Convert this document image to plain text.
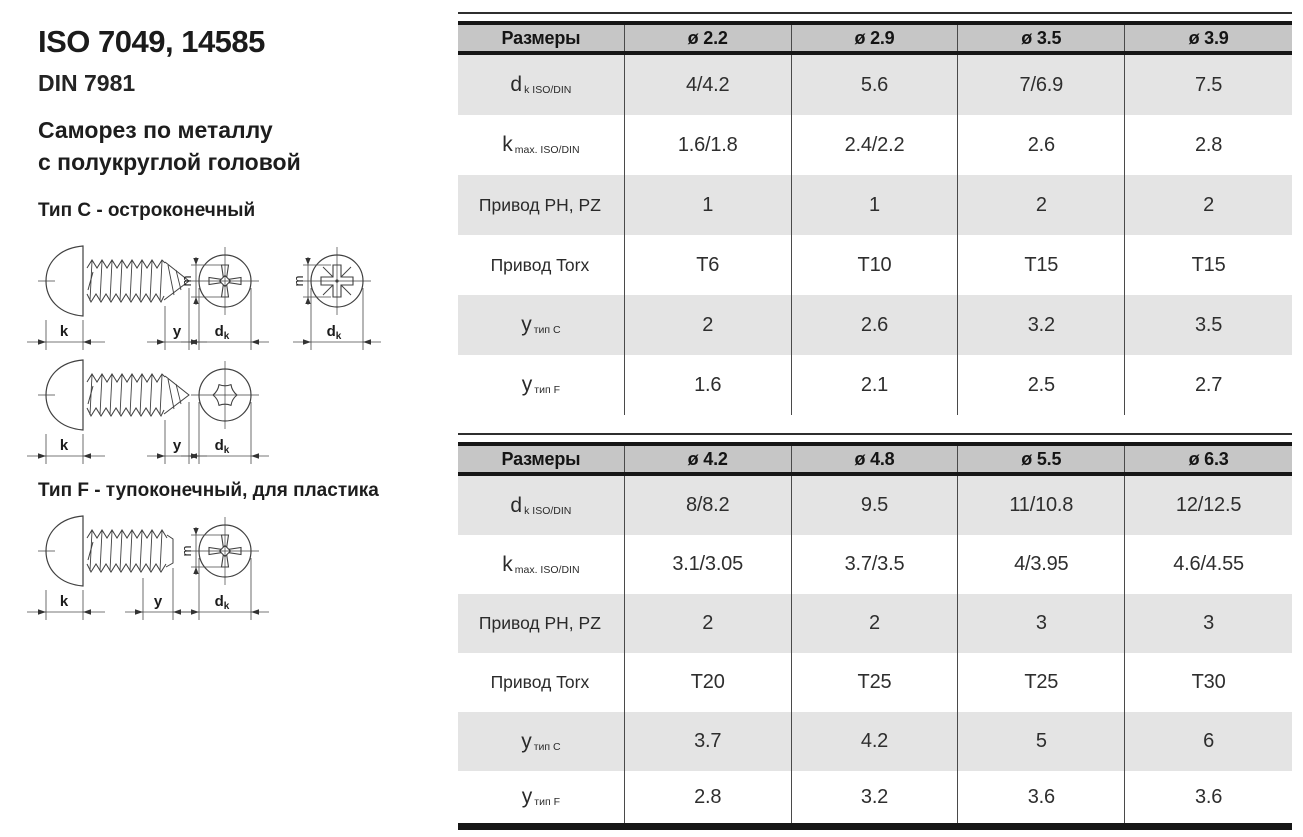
ISO 7049, 14585
DIN 7981
Саморез по металлу
с полукруглой головой
Тип C - остроконечный
k	y
m
$d_k$
m
$d_k$
k	y $d_k$
Тип F - тупоконечный, для пластика
k	y
m
$d_k$
Размеры	ø 2.2	ø 2.9	ø 3.5	ø 3.9
d k ISO/DIN	4/4.2	5.6	7/6.9	7.5
k max. ISO/DIN	1.6/1.8	2.4/2.2	2.6	2.8
Привод PH, PZ	1	1	2	2
Привод Torx	T6	T10	T15	T15
у тип C	2	2.6	3.2	3.5
у тип F	1.6	2.1	2.5	2.7
Размеры	ø 4.2	ø 4.8	ø 5.5	ø 6.3
d k ISO/DIN	8/8.2	9.5	11/10.8	12/12.5
k max. ISO/DIN	3.1/3.05	3.7/3.5	4/3.95	4.6/4.55
Привод PH, PZ	2	2	3	3
Привод Torx	T20	T25	T25	T30
у тип C	3.7	4.2	5	6
у тип F	2.8	3.2	3.6	3.6
